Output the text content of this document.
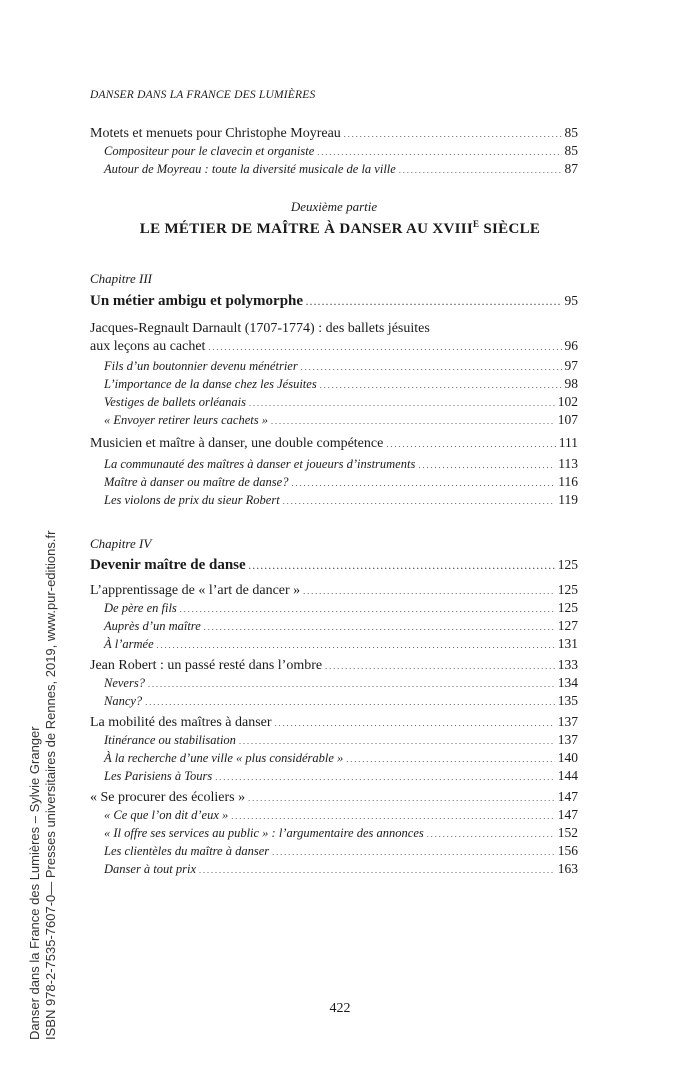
DANSER DANS LA FRANCE DES LUMIÈRES
Motets et menuets pour Christophe Moyreau . . .	85
Compositeur pour le clavecin et organiste . . .	85
Autour de Moyreau : toute la diversité musicale de la ville . . .	87
Deuxième partie
LE MÉTIER DE MAÎTRE À DANSER AU $XVIII^E$ SIÈCLE
Chapitre III
Un métier ambigu et polymorphe . . .	95
Jacques-Regnault Darnault (1707-1774) : des ballets jésuites
aux leçons au cachet . . .	96
Fils d’un boutonnier devenu ménétrier . . .	97
L’importance de la danse chez les Jésuites . . .	98
Vestiges de ballets orléanais . . .	102
« Envoyer retirer leurs cachets » . . .	107
Musicien et maître à danser, une double compétence . . .	111
La communauté des maîtres à danser et joueurs d’instruments . . .	113
Maître à danser ou maître de danse? . . .	116
Les violons de prix du sieur Robert . . .	119
Chapitre IV
Devenir maître de danse . . .	125
L’apprentissage de « l’art de dancer » . . .	125
De père en fils . . .	125
Auprès d’un maître . . .	127
À l’armée . . .	131
Jean Robert : un passé resté dans l’ombre . . .	133
Nevers? . . .	134
Nancy? . . .	135
La mobilité des maîtres à danser . . .	137
Itinérance ou stabilisation . . .	137
À la recherche d’une ville « plus considérable » . . .	140
Les Parisiens à Tours . . .	144
« Se procurer des écoliers » . . .	147
« Ce que l’on dit d’eux » . . .	147
« Il offre ses services au public » : l’argumentaire des annonces . . .	152
Les clientèles du maître à danser . . .	156
Danser à tout prix . . .	163
422
Danser dans la France des Lumières – Sylvie Granger ISBN 978-2-7535-7607-0— Presses universitaires de Rennes, 2019, www.pur-editions.fr
